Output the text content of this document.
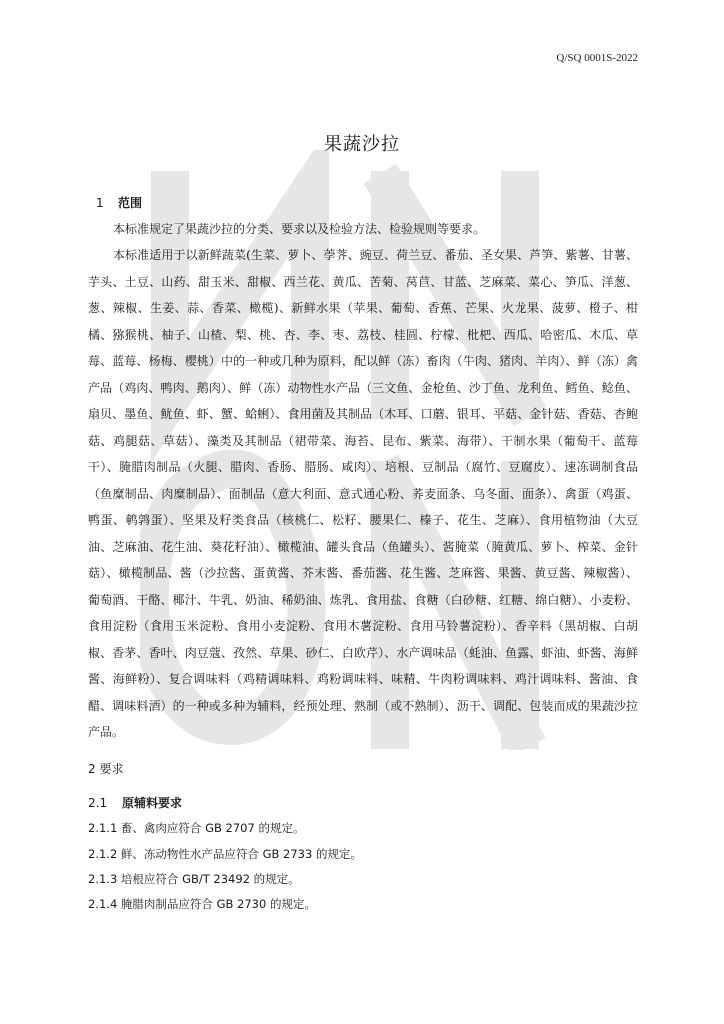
Q/SQ 0001S-2022
果蔬沙拉
1 范围
本标准规定了果蔬沙拉的分类、要求以及检验方法、检验规则等要求。
本标准适用于以新鲜蔬菜(生菜、萝卜、荸荠、豌豆、荷兰豆、番茄、圣女果、芦笋、紫薯、甘薯、芋头、土豆、山药、甜玉米、甜椒、西兰花、黄瓜、苦菊、莴苣、甘蓝、芝麻菜、菜心、笋瓜、洋葱、葱、辣椒、生姜、蒜、香菜、橄榄)、新鲜水果（苹果、葡萄、香蕉、芒果、火龙果、菠萝、橙子、柑橘、猕猴桃、柚子、山楂、梨、桃、杏、李、枣、荔枝、桂圆、柠檬、枇杷、西瓜、哈密瓜、木瓜、草莓、蓝莓、杨梅、樱桃）中的一种或几种为原料，配以鲜（冻）畜肉（牛肉、猪肉、羊肉）、鲜（冻）禽产品（鸡肉、鸭肉、鹅肉）、鲜（冻）动物性水产品（三文鱼、金枪鱼、沙丁鱼、龙利鱼、鳕鱼、鲶鱼、扇贝、墨鱼、鱿鱼、虾、蟹、蛤蜊）、食用菌及其制品（木耳、口蘑、银耳、平菇、金针菇、香菇、杏鲍菇、鸡腿菇、草菇）、藻类及其制品（裙带菜、海苔、昆布、紫菜、海带）、干制水果（葡萄干、蓝莓干）、腌腊肉制品（火腿、腊肉、香肠、腊肠、咸肉）、培根、豆制品（腐竹、豆腐皮）、速冻调制食品（鱼糜制品、肉糜制品）、面制品（意大利面、意式通心粉、荞麦面条、乌冬面、面条）、禽蛋（鸡蛋、鸭蛋、鹌鹑蛋）、坚果及籽类食品（核桃仁、松籽、腰果仁、榛子、花生、芝麻）、食用植物油（大豆油、芝麻油、花生油、葵花籽油）、橄榄油、罐头食品（鱼罐头）、酱腌菜（腌黄瓜、萝卜、榨菜、金针菇）、橄榄制品、酱（沙拉酱、蛋黄酱、芥末酱、番茄酱、花生酱、芝麻酱、果酱、黄豆酱、辣椒酱）、葡萄酒、干酪、椰汁、牛乳、奶油、稀奶油、炼乳、食用盐、食糖（白砂糖、红糖、绵白糖）、小麦粉、食用淀粉（食用玉米淀粉、食用小麦淀粉、食用木薯淀粉、食用马铃薯淀粉）、香辛料（黑胡椒、白胡椒、香茅、香叶、肉豆蔻、孜然、草果、砂仁、白欧芹）、水产调味品（蚝油、鱼露、虾油、虾酱、海鲜酱、海鲜粉）、复合调味料（鸡精调味料、鸡粉调味料、味精、牛肉粉调味料、鸡汁调味料、酱油、食醋、调味料酒）的一种或多种为辅料，经预处理、熟制（或不熟制）、沥干、调配、包装而成的果蔬沙拉产品。
2 要求
2.1 原辅料要求
2.1.1 畜、禽肉应符合 GB 2707 的规定。
2.1.2 鲜、冻动物性水产品应符合 GB 2733 的规定。
2.1.3 培根应符合 GB/T 23492 的规定。
2.1.4 腌腊肉制品应符合 GB 2730 的规定。
